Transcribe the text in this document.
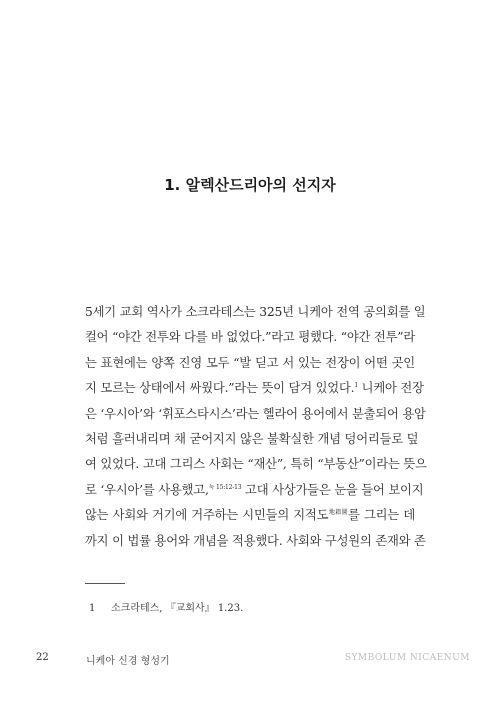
1. 알렉산드리아의 선지자
5세기 교회 역사가 소크라테스는 325년 니케아 전역 공의회를 일
컬어 “야간 전투와 다를 바 없었다.”라고 평했다. “야간 전투”라
는 표현에는 양쪽 진영 모두 “발 딛고 서 있는 전장이 어떤 곳인
지 모르는 상태에서 싸웠다.”라는 뜻이 담겨 있었다.$^1$ 니케아 전장
은 ‘우시아’와 ‘휘포스타시스’라는 헬라어 용어에서 분출되어 용암
처럼 흘러내리며 채 굳어지지 않은 불확실한 개념 덩어리들로 덮
여 있었다. 고대 그리스 사회는 “재산”, 특히 “부동산”이라는 뜻으
로 ‘우시아’를 사용했고,$^{눅 15:12-13}$ 고대 사상가들은 눈을 들어 보이지
않는 사회와 거기에 거주하는 시민들의 지적도$^{地籍圖}$를 그리는 데
까지 이 법률 용어와 개념을 적용했다. 사회와 구성원의 존재와 존
1 소크라테스, 『교회사』 1.23.
22	니케아 신경 형성기	SYMBOLUM NICAENUM
